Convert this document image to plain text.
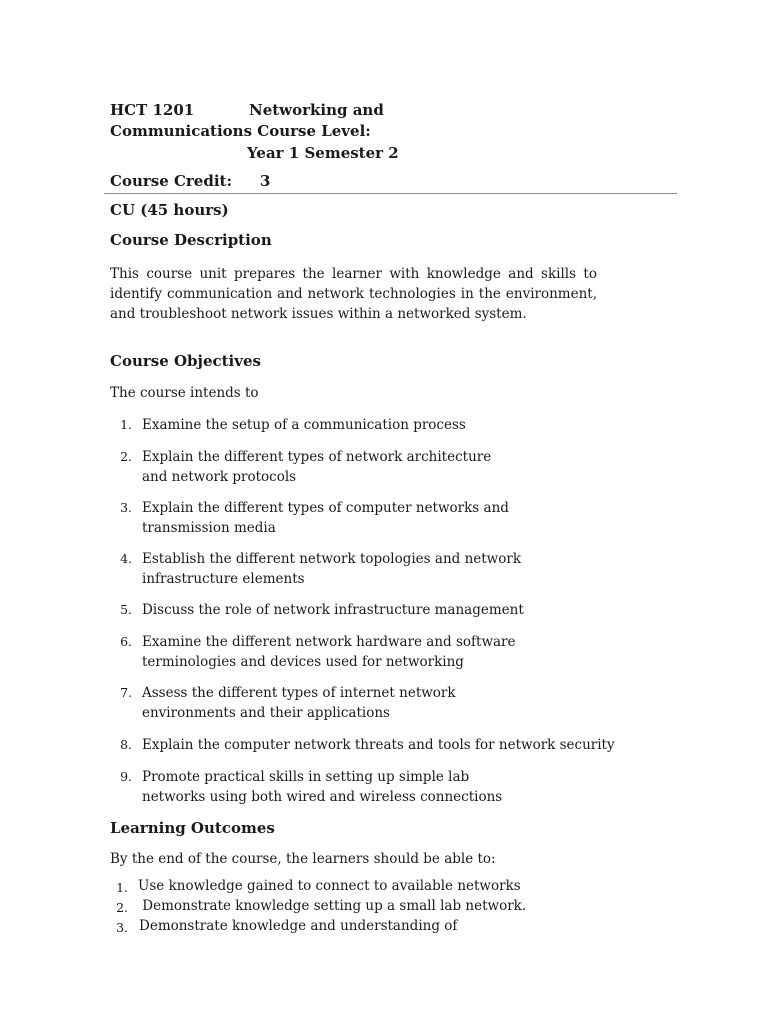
HCT 1201	Networking and
Communications Course Level:
Year 1 Semester 2
Course Credit: 3
CU (45 hours)
Course Description
This course unit prepares the learner with knowledge and skills to identify communication and network technologies in the environment, and troubleshoot network issues within a networked system.
Course Objectives
The course intends to
1. Examine the setup of a communication process
2. Explain the different types of network architecture
and network protocols
3. Explain the different types of computer networks and
transmission media
4. Establish the different network topologies and network
infrastructure elements
5. Discuss the role of network infrastructure management
6. Examine the different network hardware and software
terminologies and devices used for networking
7. Assess the different types of internet network
environments and their applications
8. Explain the computer network threats and tools for network security
9. Promote practical skills in setting up simple lab
networks using both wired and wireless connections
Learning Outcomes
By the end of the course, the learners should be able to:
1. Use knowledge gained to connect to available networks
2. Demonstrate knowledge setting up a small lab network.
3. Demonstrate knowledge and understanding of
